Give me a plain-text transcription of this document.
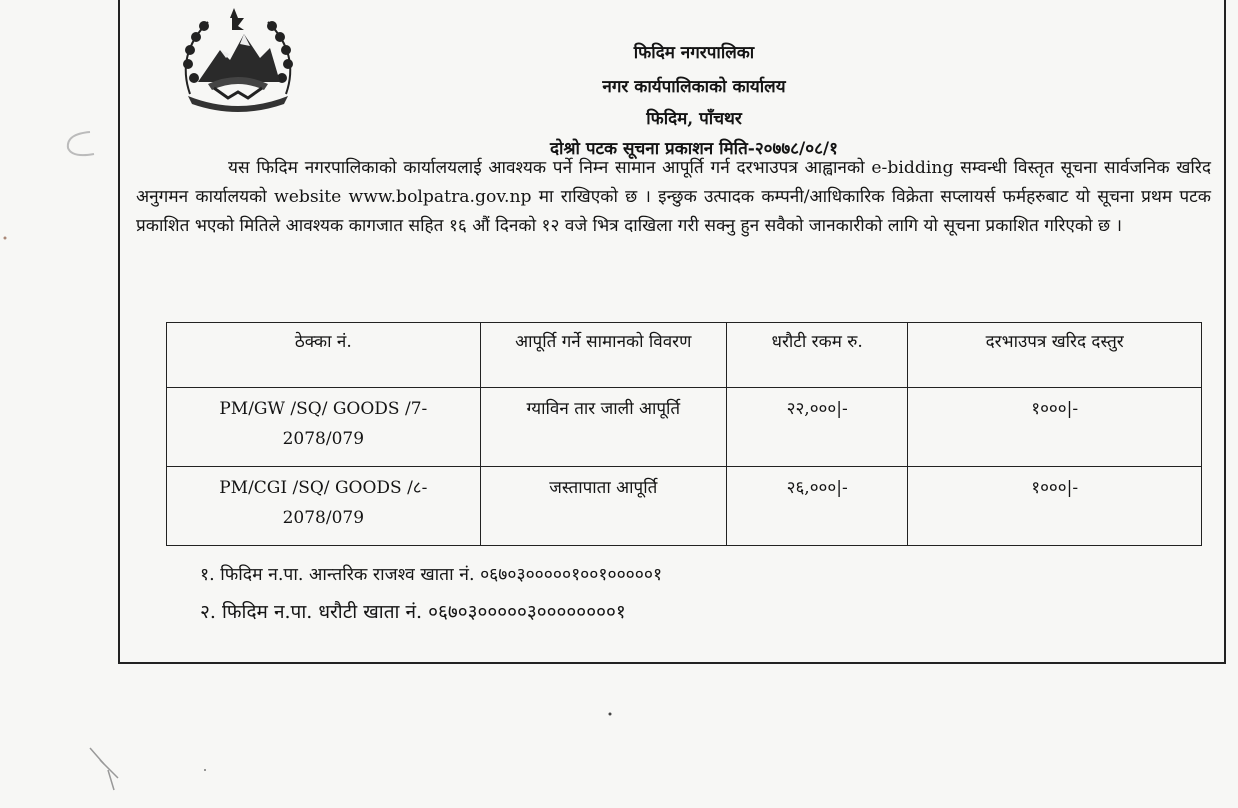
फिदिम नगरपालिका
नगर कार्यपालिकाको कार्यालय
फिदिम, पाँचथर
दोश्रो पटक सूचना प्रकाशन मिति-२०७७८/०८/१
यस फिदिम नगरपालिकाको कार्यालयलाई आवश्यक पर्ने निम्न सामान आपूर्ति गर्न दरभाउपत्र आह्वानको e-bidding सम्वन्धी विस्तृत सूचना सार्वजनिक खरिद अनुगमन कार्यालयको website www.bolpatra.gov.np मा राखिएको छ । इन्छुक उत्पादक कम्पनी/आधिकारिक विक्रेता सप्लायर्स फर्महरुबाट यो सूचना प्रथम पटक प्रकाशित भएको मितिले आवश्यक कागजात सहित १६ औं दिनको १२ वजे भित्र दाखिला गरी सक्नु हुन सवैको जानकारीको लागि यो सूचना प्रकाशित गरिएको छ ।
ठेक्का नं.	आपूर्ति गर्ने सामानको विवरण	धरौटी रकम रु.	दरभाउपत्र खरिद दस्तुर

PM/GW /SQ/ GOODS /7-
2078/079	ग्याविन तार जाली आपूर्ति	२२,०००|-	१०००|-

PM/CGI /SQ/ GOODS /८-
2078/079	जस्तापाता आपूर्ति	२६,०००|-	१०००|-
१. फिदिम न.पा. आन्तरिक राजश्व खाता नं. ०६७०३०००००१००१०००००१
२. फिदिम न.पा. धरौटी खाता नं. ०६७०३०००००३००००००००१
